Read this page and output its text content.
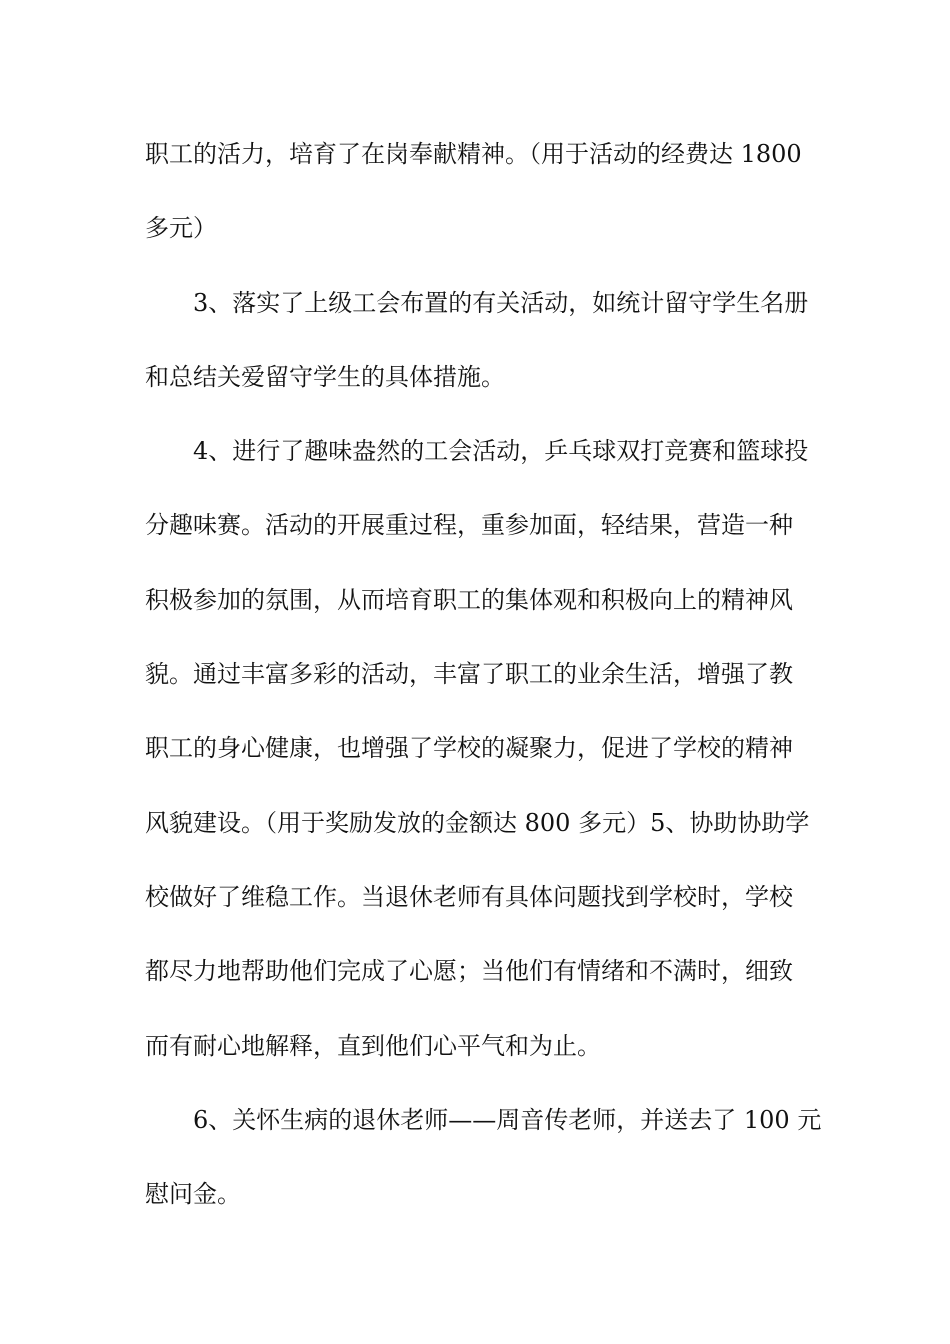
职工的活力，培育了在岗奉献精神。（用于活动的经费达 1800
多元）
3、落实了上级工会布置的有关活动，如统计留守学生名册
和总结关爱留守学生的具体措施。
4、进行了趣味盎然的工会活动，乒乓球双打竞赛和篮球投
分趣味赛。活动的开展重过程，重参加面，轻结果，营造一种
积极参加的氛围，从而培育职工的集体观和积极向上的精神风
貌。通过丰富多彩的活动，丰富了职工的业余生活，增强了教
职工的身心健康，也增强了学校的凝聚力，促进了学校的精神
风貌建设。（用于奖励发放的金额达 800 多元）5、协助协助学
校做好了维稳工作。当退休老师有具体问题找到学校时，学校
都尽力地帮助他们完成了心愿；当他们有情绪和不满时，细致
而有耐心地解释，直到他们心平气和为止。
6、关怀生病的退休老师——周音传老师，并送去了 100 元
慰问金。
